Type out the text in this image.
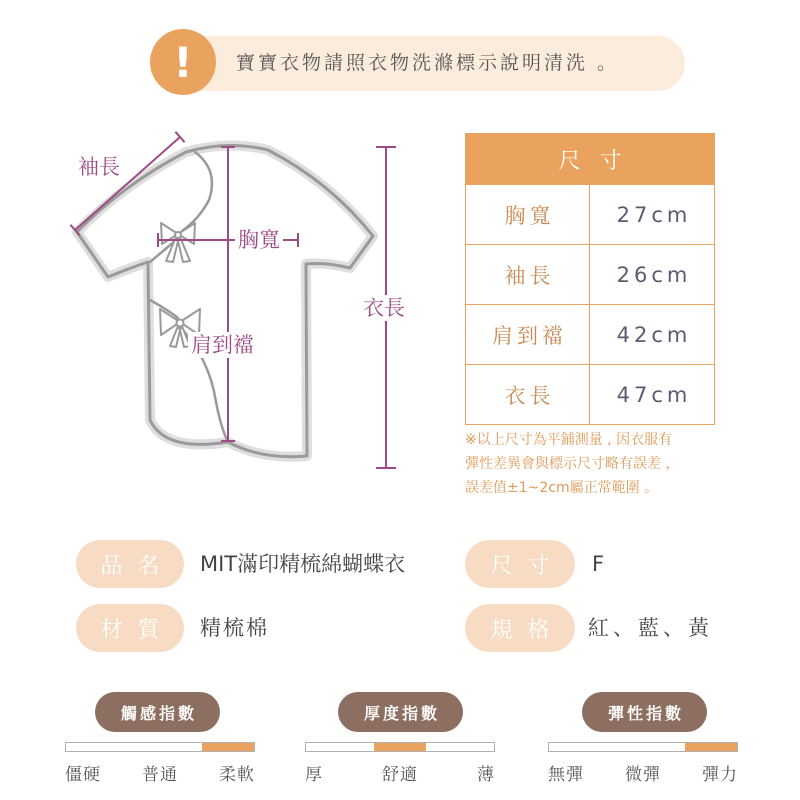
! 寶寶衣物請照衣物洗滌標示說明清洗 。
袖長
胸寬
肩到襠
衣長
尺 寸
胸寬	27cm
袖長	26cm
肩到襠	42cm
衣長	47cm
※以上尺寸為平鋪測量 , 因衣服有
彈性差異會與標示尺寸略有誤差 ，
誤差值±1~2cm屬正常範圍 。
品 名	MIT滿印精梳綿蝴蝶衣	尺 寸	F
材 質	精梳棉	規 格	紅、藍、黃
觸感指數
僵硬 普通 柔軟
厚度指數
厚	舒適	薄
彈性指數
無彈 微彈 彈力
